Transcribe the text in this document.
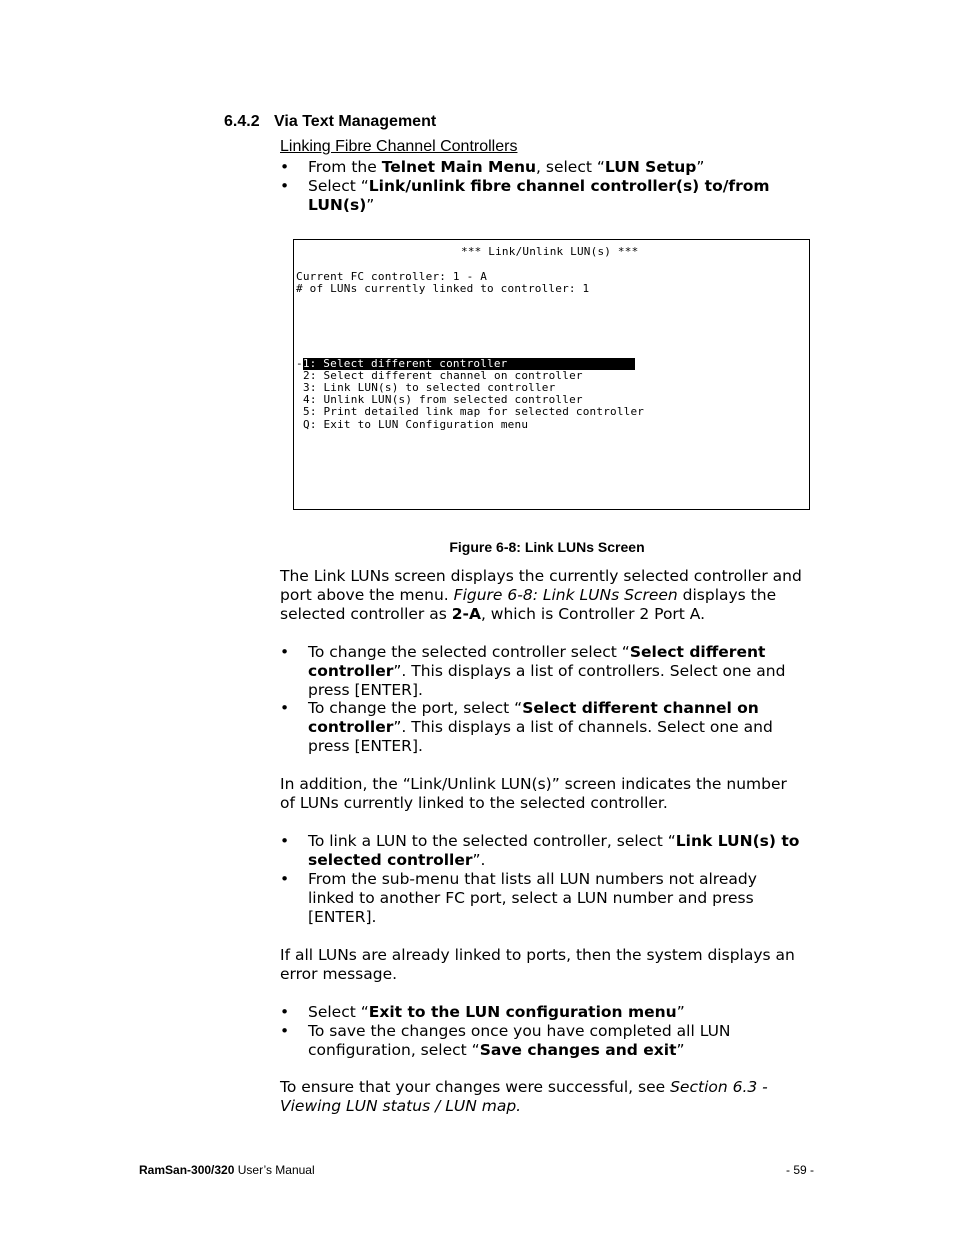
6.4.2 Via Text Management
Linking Fibre Channel Controllers
•	From the Telnet Main Menu, select “LUN Setup”
•	Select “Link/unlink fibre channel controller(s) to/from
LUN(s)”
*** Link/Unlink LUN(s) ***
Current FC controller: 1 - A
# of LUNs currently linked to controller: 1
-1: Select different controller
2: Select different channel on controller
3: Link LUN(s) to selected controller
4: Unlink LUN(s) from selected controller
5: Print detailed link map for selected controller
Q: Exit to LUN Configuration menu
Figure 6-8: Link LUNs Screen
The Link LUNs screen displays the currently selected controller and
port above the menu. Figure 6-8: Link LUNs Screen displays the
selected controller as 2-A, which is Controller 2 Port A.
•	To change the selected controller select “Select different
controller”. This displays a list of controllers. Select one and
press [ENTER].
•	To change the port, select “Select different channel on
controller”. This displays a list of channels. Select one and
press [ENTER].
In addition, the “Link/Unlink LUN(s)” screen indicates the number
of LUNs currently linked to the selected controller.
•	To link a LUN to the selected controller, select “Link LUN(s) to
selected controller”.
•	From the sub-menu that lists all LUN numbers not already
linked to another FC port, select a LUN number and press
[ENTER].
If all LUNs are already linked to ports, then the system displays an
error message.
•	Select “Exit to the LUN configuration menu”
•	To save the changes once you have completed all LUN
configuration, select “Save changes and exit”
To ensure that your changes were successful, see Section 6.3 -
Viewing LUN status / LUN map.
RamSan-300/320 User’s Manual	- 59 -
